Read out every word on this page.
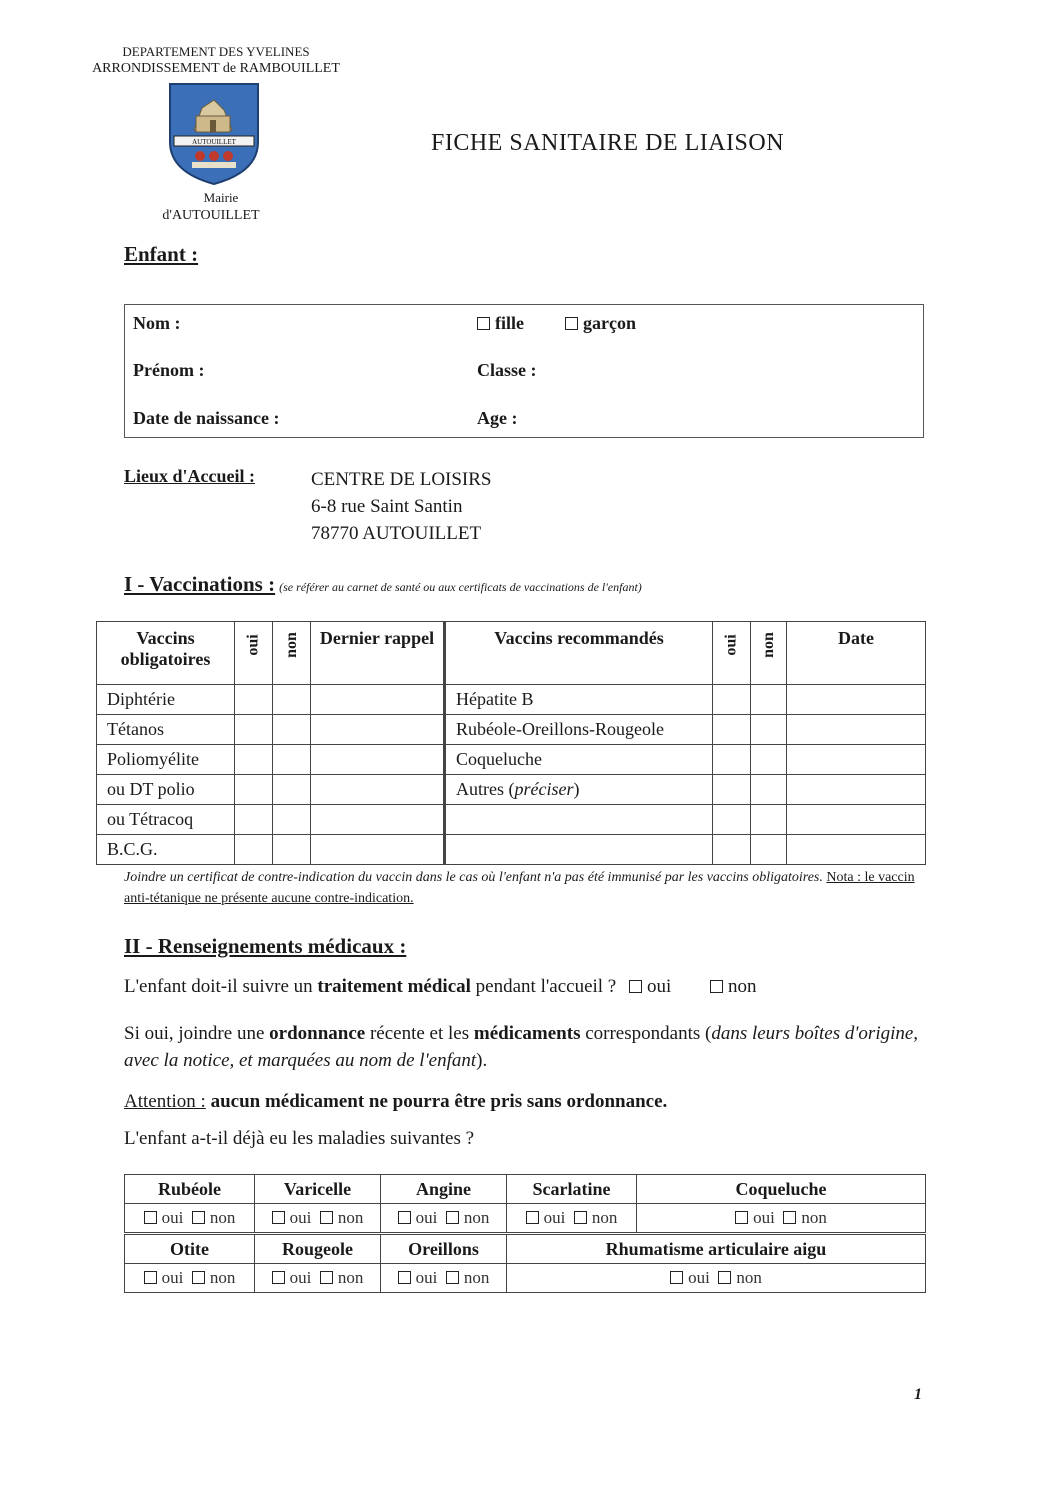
DEPARTEMENT DES YVELINES
ARRONDISSEMENT de RAMBOUILLET
AUTOUILLET
Mairie
d'AUTOUILLET
FICHE SANITAIRE DE LIAISON
Enfant :
Nom :	fille	garçon
Prénom :	Classe :
Date de naissance :	Age :
Lieux d'Accueil :	CENTRE DE LOISIRS
6-8 rue Saint Santin
78770 AUTOUILLET
I - Vaccinations : (se référer au carnet de santé ou aux certificats de vaccinations de l'enfant)
Vaccins obligatoires	oui	non	Dernier rappel	Vaccins recommandés	oui	non	Date
Diphtérie				Hépatite B			
Tétanos				Rubéole-Oreillons-Rougeole			
Poliomyélite				Coqueluche			
ou DT polio				Autres (préciser)			
ou Tétracoq							
B.C.G.							
Joindre un certificat de contre-indication du vaccin dans le cas où l'enfant n'a pas été immunisé par les vaccins obligatoires. Nota : le vaccin anti-tétanique ne présente aucune contre-indication.
II - Renseignements médicaux :
L'enfant doit-il suivre un traitement médical pendant l'accueil ? oui	non
Si oui, joindre une ordonnance récente et les médicaments correspondants (dans leurs boîtes d'origine, avec la notice, et marquées au nom de l'enfant).
Attention : aucun médicament ne pourra être pris sans ordonnance.
L'enfant a-t-il déjà eu les maladies suivantes ?
Rubéole	Varicelle	Angine	Scarlatine	Coqueluche
oui non	oui non	oui non	oui non	oui non
Otite	Rougeole	Oreillons	Rhumatisme articulaire aigu
oui non	oui non	oui non	oui non
1
